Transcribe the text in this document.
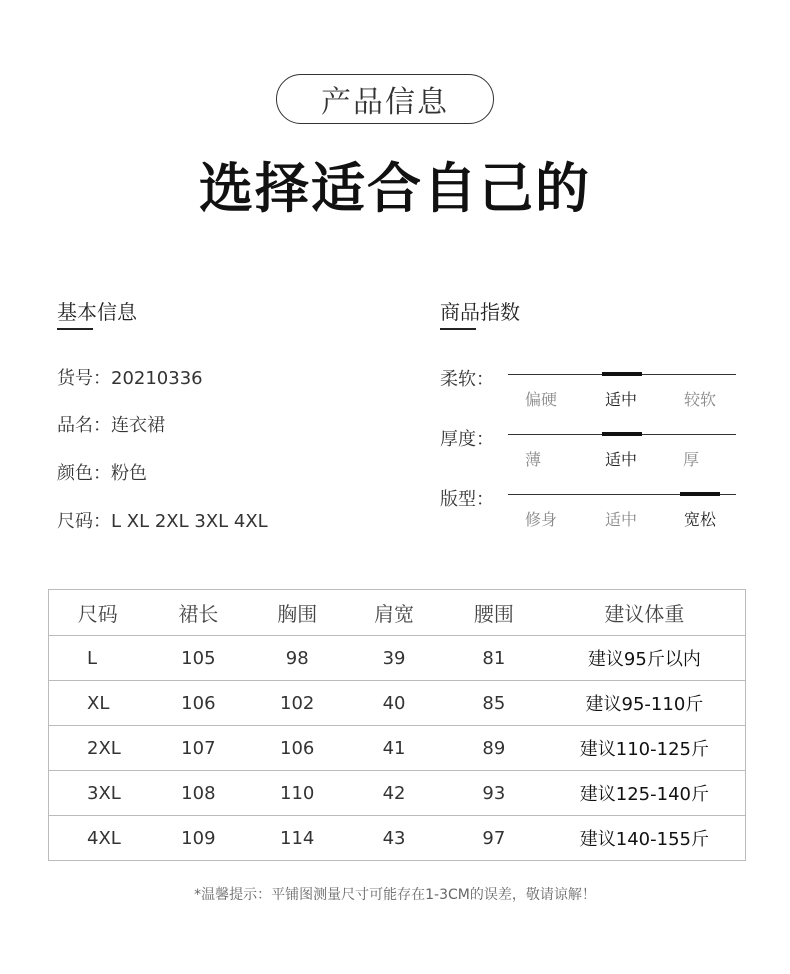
产品信息
选择适合自己的
基本信息
货号：20210336
品名：连衣裙
颜色：粉色
尺码：L XL 2XL 3XL 4XL
商品指数
柔软：
偏硬	适中	较软
厚度：
薄	适中	厚
版型：
修身	适中	宽松
尺码	裙长	胸围	肩宽	腰围	建议体重
L	105	98	39	81	建议95斤以内
XL	106	102	40	85	建议95-110斤
2XL	107	106	41	89	建议110-125斤
3XL	108	110	42	93	建议125-140斤
4XL	109	114	43	97	建议140-155斤
*温馨提示：平铺图测量尺寸可能存在1-3CM的误差，敬请谅解！
